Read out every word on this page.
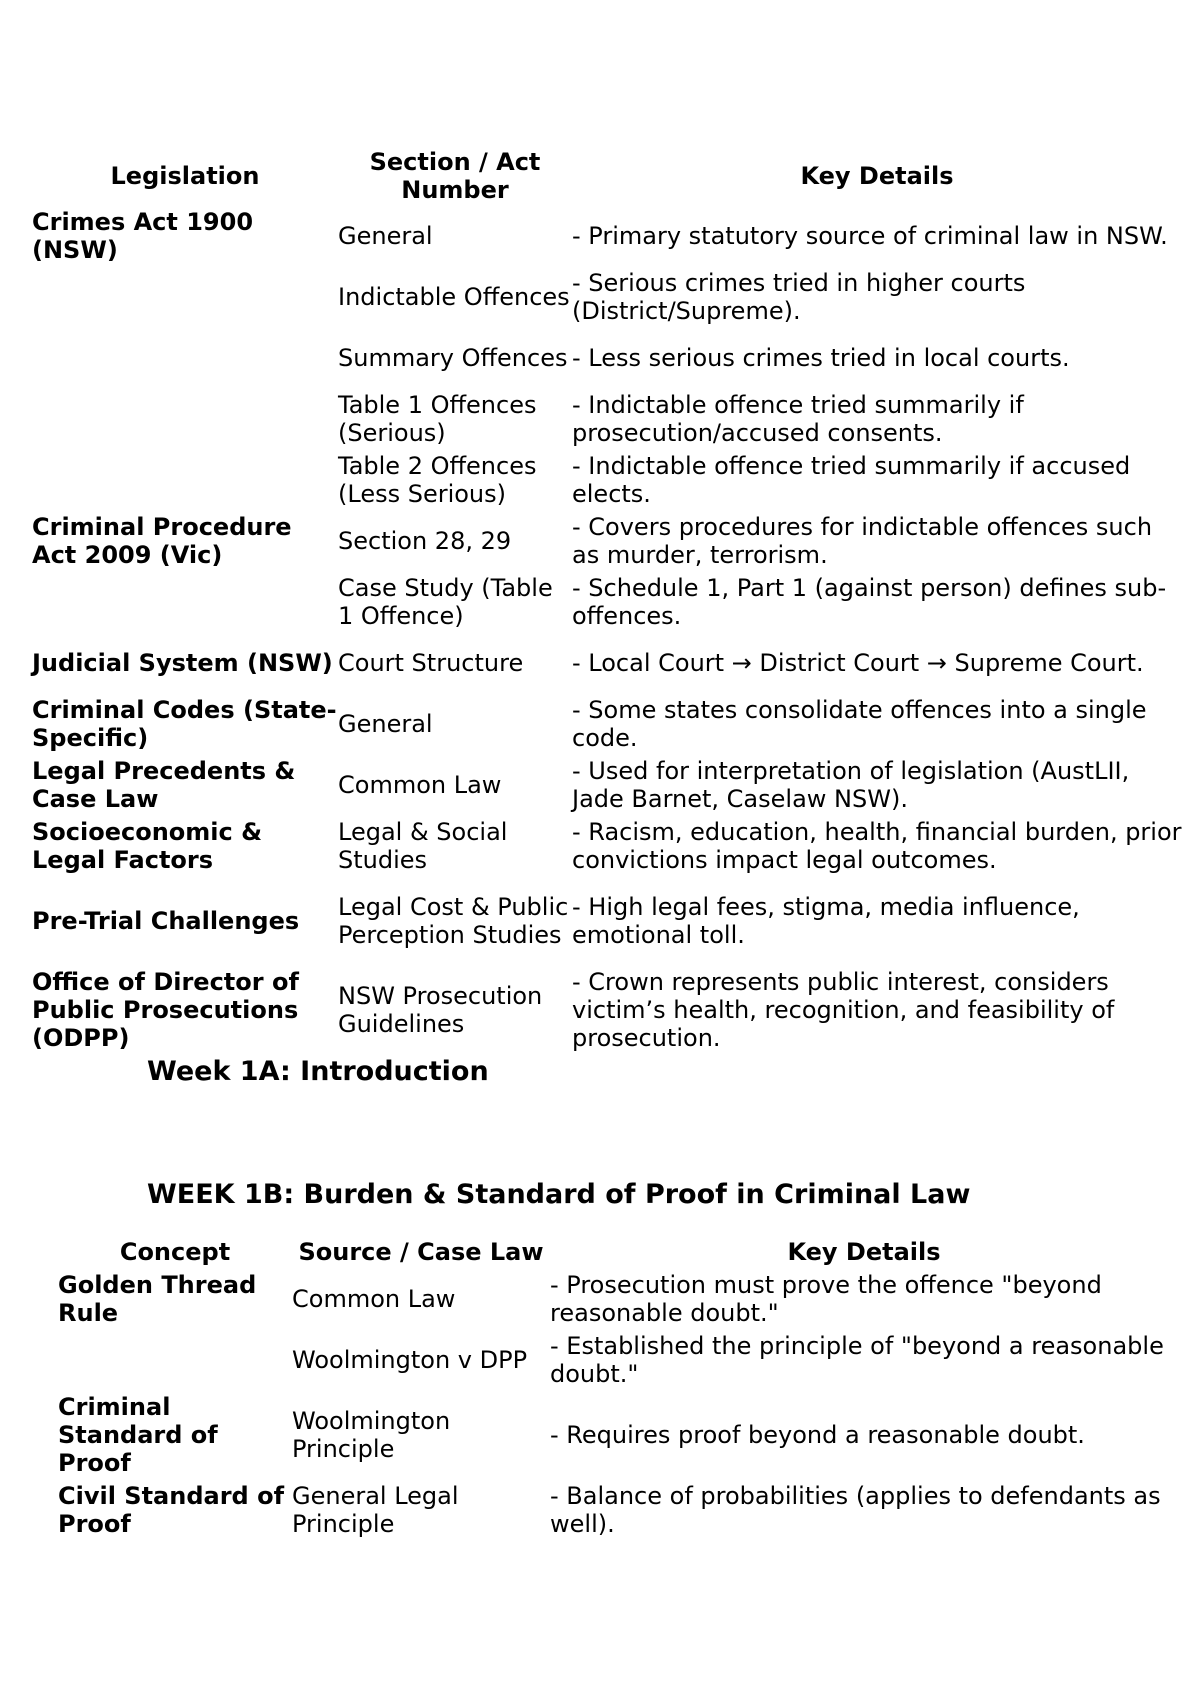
Legislation	Section / Act Number	Key Details
Crimes Act 1900 (NSW)	General	- Primary statutory source of criminal law in NSW.
	Indictable Offences	- Serious crimes tried in higher courts (District/Supreme).
	Summary Offences	- Less serious crimes tried in local courts.
	Table 1 Offences (Serious)	- Indictable offence tried summarily if prosecution/accused consents.
	Table 2 Offences (Less Serious)	- Indictable offence tried summarily if accused elects.
Criminal Procedure Act 2009 (Vic)	Section 28, 29	- Covers procedures for indictable offences such as murder, terrorism.
	Case Study (Table 1 Offence)	- Schedule 1, Part 1 (against person) defines sub-offences.
Judicial System (NSW)	Court Structure	- Local Court → District Court → Supreme Court.
Criminal Codes (State-Specific)	General	- Some states consolidate offences into a single code.
Legal Precedents & Case Law	Common Law	- Used for interpretation of legislation (AustLII, Jade Barnet, Caselaw NSW).
Socioeconomic & Legal Factors	Legal & Social Studies	- Racism, education, health, financial burden, prior convictions impact legal outcomes.
Pre-Trial Challenges	Legal Cost & Public Perception Studies	- High legal fees, stigma, media influence, emotional toll.
Office of Director of Public Prosecutions (ODPP)	NSW Prosecution Guidelines	- Crown represents public interest, considers victim’s health, recognition, and feasibility of prosecution.
Week 1A: Introduction
WEEK 1B: Burden & Standard of Proof in Criminal Law
Concept	Source / Case Law	Key Details
Golden Thread Rule	Common Law	- Prosecution must prove the offence "beyond reasonable doubt."
	Woolmington v DPP	- Established the principle of "beyond a reasonable doubt."
Criminal Standard of Proof	Woolmington Principle	- Requires proof beyond a reasonable doubt.
Civil Standard of Proof	General Legal Principle	- Balance of probabilities (applies to defendants as well).
